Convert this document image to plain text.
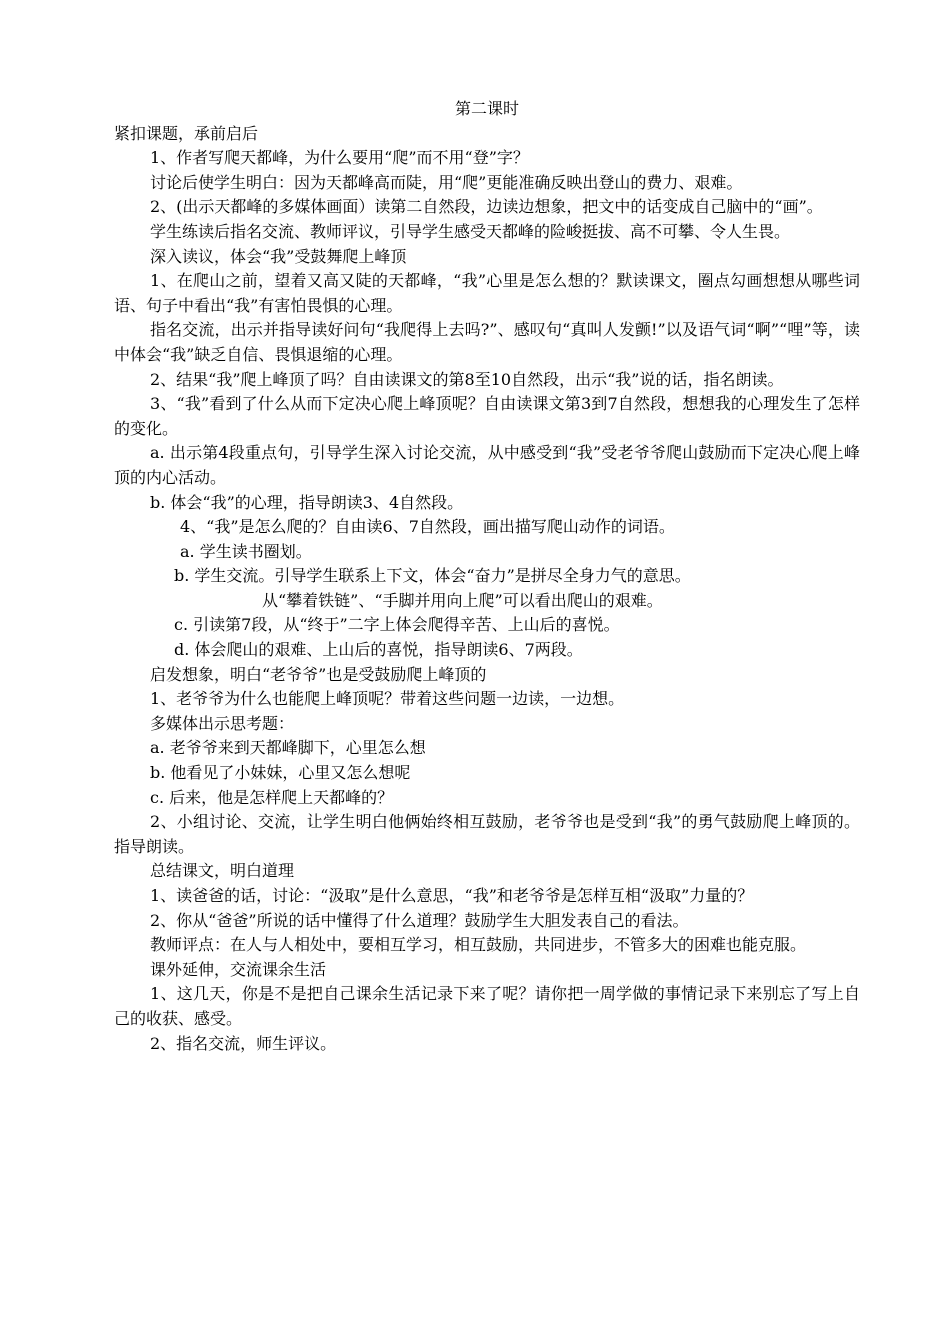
第二课时

紧扣课题，承前启后

1、作者写爬天都峰，为什么要用“爬”而不用“登”字？

讨论后使学生明白：因为天都峰高而陡，用“爬”更能准确反映出登山的费力、艰难。

2、(出示天都峰的多媒体画面）读第二自然段，边读边想象，把文中的话变成自己脑中的“画”。

学生练读后指名交流、教师评议，引导学生感受天都峰的险峻挺拔、高不可攀、令人生畏。

深入读议，体会“我”受鼓舞爬上峰顶

1、在爬山之前，望着又高又陡的天都峰，“我”心里是怎么想的？默读课文，圈点勾画想想从哪些词语、句子中看出“我”有害怕畏惧的心理。

指名交流，出示并指导读好问句“我爬得上去吗?”、感叹句“真叫人发颤!”以及语气词“啊”“哩”等，读中体会“我”缺乏自信、畏惧退缩的心理。

2、结果“我”爬上峰顶了吗？自由读课文的第8至10自然段，出示“我”说的话，指名朗读。

3、“我”看到了什么从而下定决心爬上峰顶呢？自由读课文第3到7自然段，想想我的心理发生了怎样的变化。

a. 出示第4段重点句，引导学生深入讨论交流，从中感受到“我”受老爷爷爬山鼓励而下定决心爬上峰顶的内心活动。

b. 体会“我”的心理，指导朗读3、4自然段。

4、“我”是怎么爬的？自由读6、7自然段，画出描写爬山动作的词语。

a. 学生读书圈划。

b. 学生交流。引导学生联系上下文，体会“奋力”是拼尽全身力气的意思。

从“攀着铁链”、“手脚并用向上爬”可以看出爬山的艰难。

c. 引读第7段，从“终于”二字上体会爬得辛苦、上山后的喜悦。

d. 体会爬山的艰难、上山后的喜悦，指导朗读6、7两段。

启发想象，明白“老爷爷”也是受鼓励爬上峰顶的

1、老爷爷为什么也能爬上峰顶呢？带着这些问题一边读，一边想。

多媒体出示思考题：

a. 老爷爷来到天都峰脚下，心里怎么想

b. 他看见了小妹妹，心里又怎么想呢

c. 后来，他是怎样爬上天都峰的？

2、小组讨论、交流，让学生明白他俩始终相互鼓励，老爷爷也是受到“我”的勇气鼓励爬上峰顶的。指导朗读。

总结课文，明白道理

1、读爸爸的话，讨论：“汲取”是什么意思，“我”和老爷爷是怎样互相“汲取”力量的？

2、你从“爸爸”所说的话中懂得了什么道理？鼓励学生大胆发表自己的看法。

教师评点：在人与人相处中，要相互学习，相互鼓励，共同进步，不管多大的困难也能克服。

课外延伸，交流课余生活

1、这几天，你是不是把自己课余生活记录下来了呢？请你把一周学做的事情记录下来别忘了写上自己的收获、感受。

2、指名交流，师生评议。
